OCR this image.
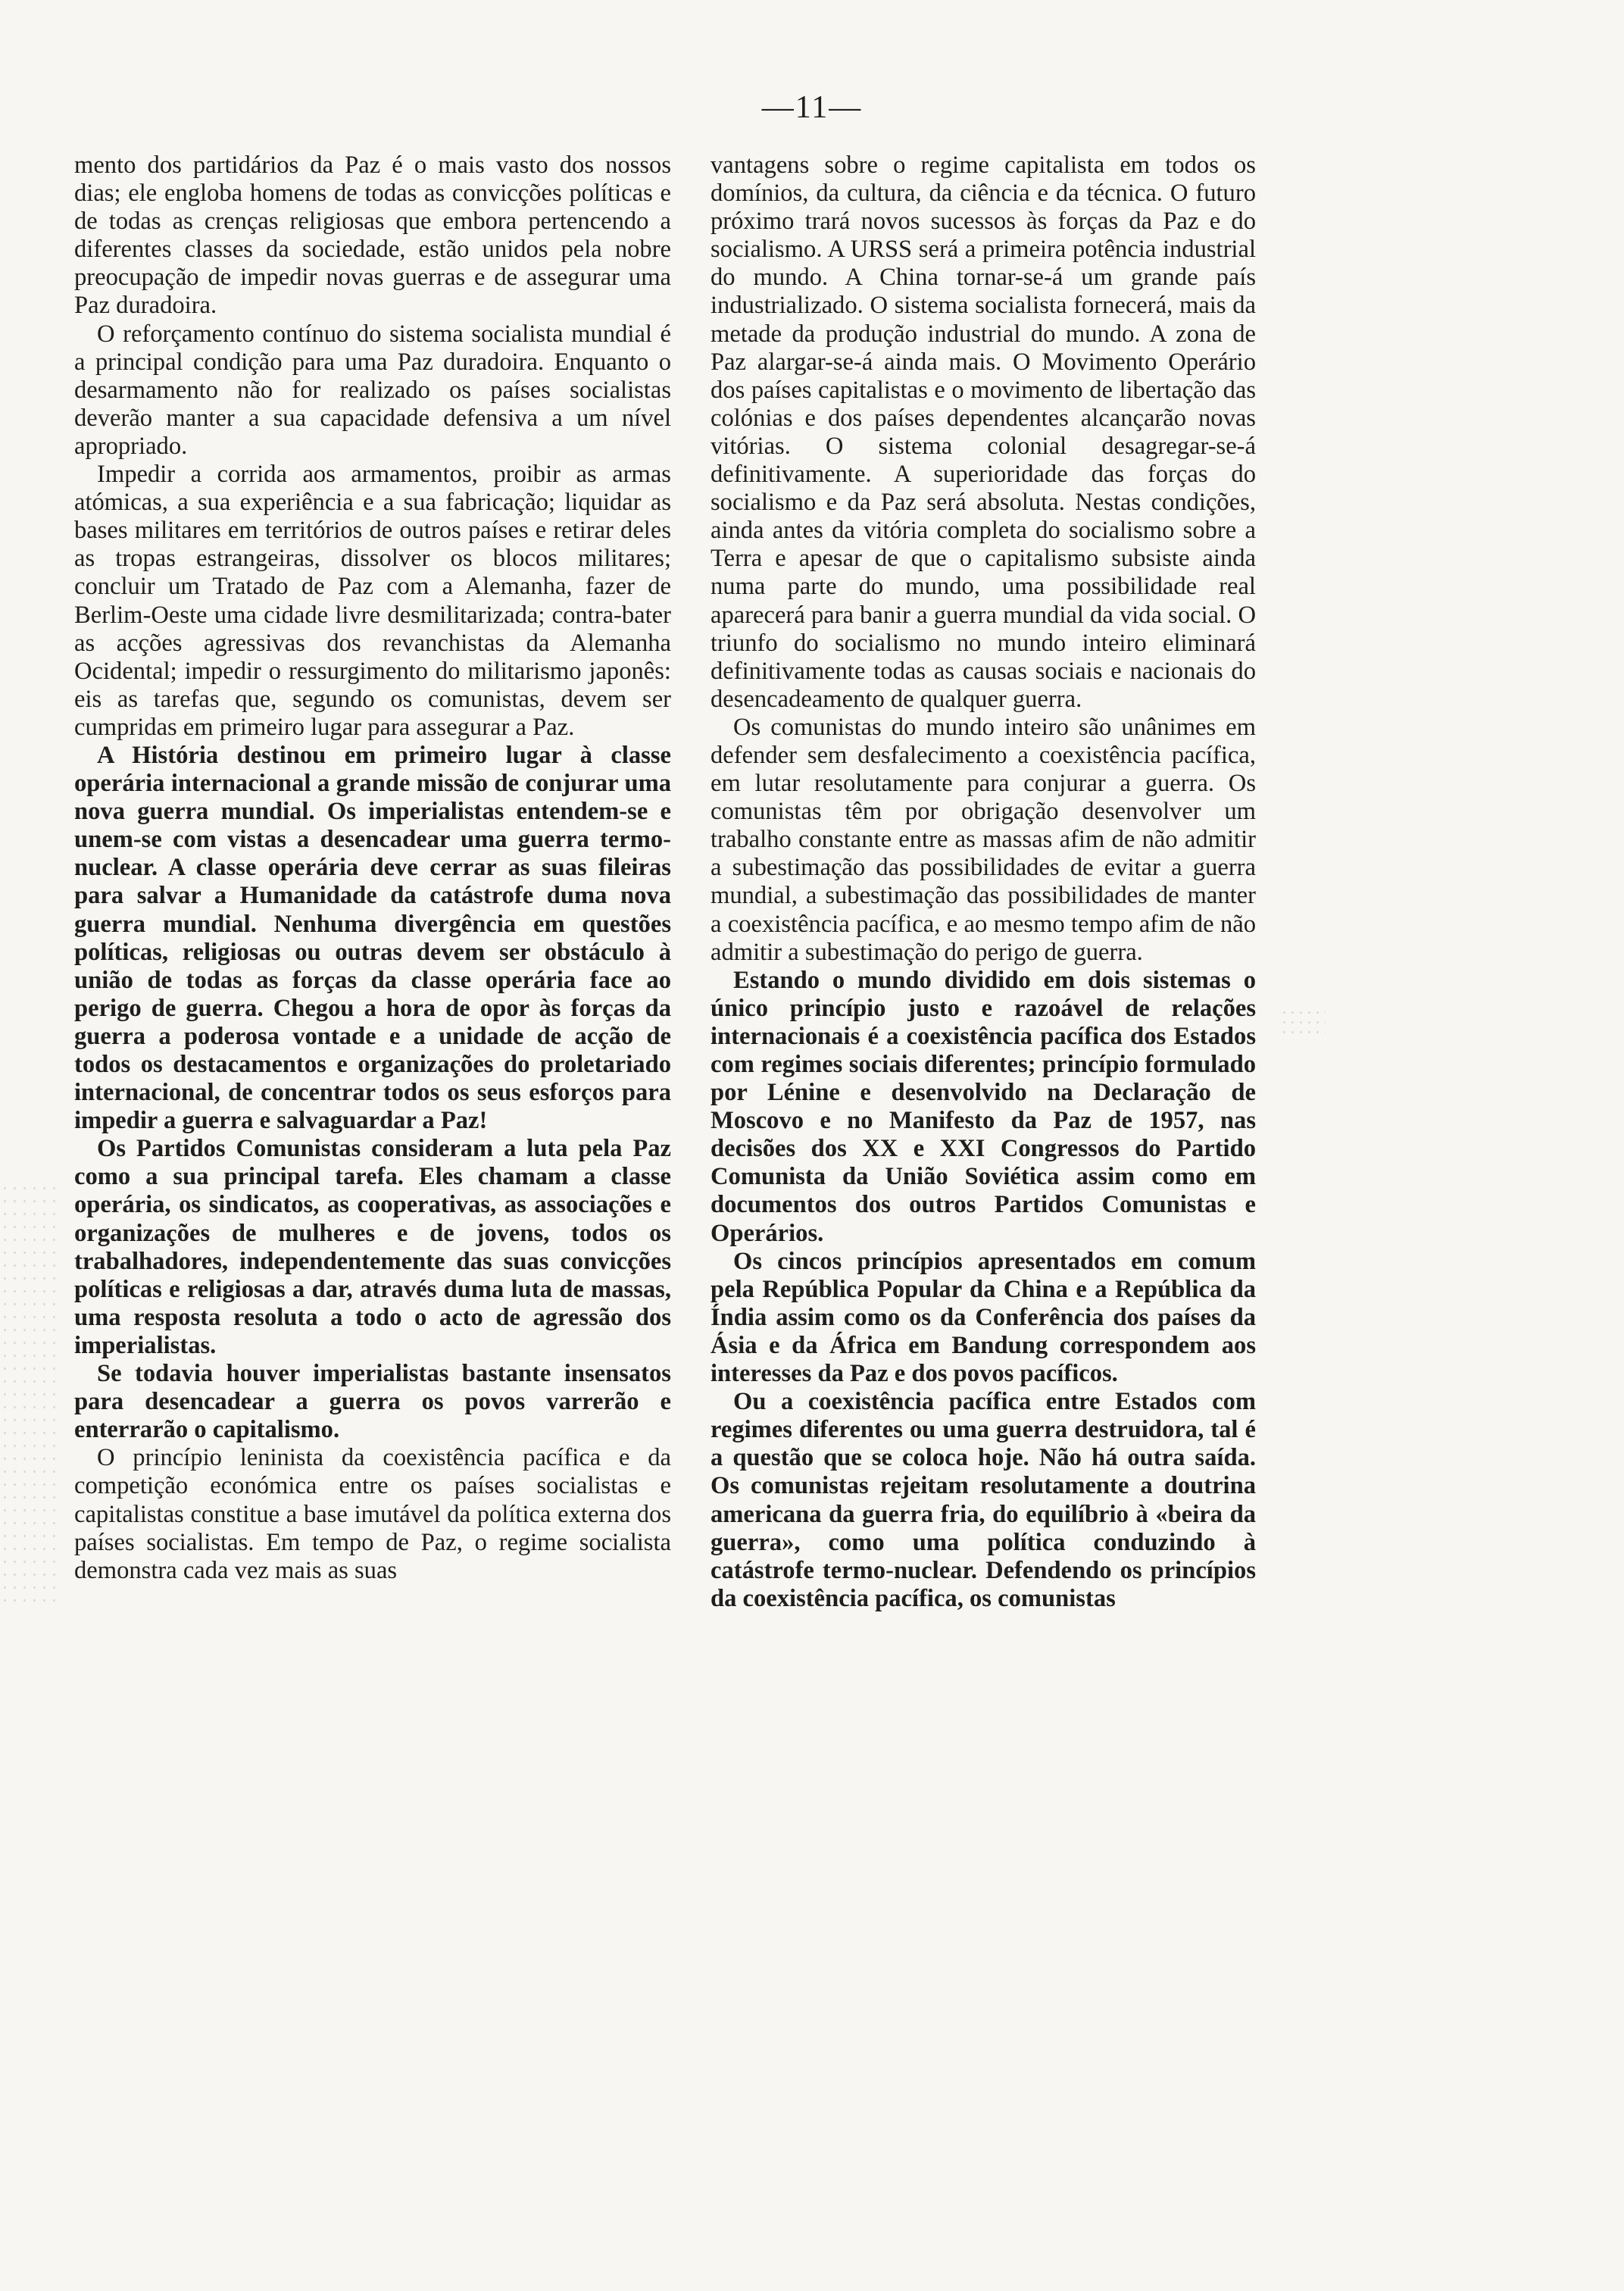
—11—

mento dos partidários da Paz é o mais vasto dos nossos dias; ele engloba homens de todas as convicções políticas e de todas as crenças religiosas que embora pertencendo a diferentes classes da sociedade, estão unidos pela nobre preocupação de impedir novas guerras e de assegurar uma Paz duradoira.

O reforçamento contínuo do sistema socialista mundial é a principal condição para uma Paz duradoira. Enquanto o desarmamento não for realizado os países socialistas deverão manter a sua capacidade defensiva a um nível apropriado.

Impedir a corrida aos armamentos, proibir as armas atómicas, a sua experiência e a sua fabricação; liquidar as bases militares em territórios de outros países e retirar deles as tropas estrangeiras, dissolver os blocos militares; concluir um Tratado de Paz com a Alemanha, fazer de Berlim-Oeste uma cidade livre desmilitarizada; contra-bater as acções agressivas dos revanchistas da Alemanha Ocidental; impedir o ressurgimento do militarismo japonês: eis as tarefas que, segundo os comunistas, devem ser cumpridas em primeiro lugar para assegurar a Paz.

A História destinou em primeiro lugar à classe operária internacional a grande missão de conjurar uma nova guerra mundial. Os imperialistas entendem-se e unem-se com vistas a desencadear uma guerra termo-nuclear. A classe operária deve cerrar as suas fileiras para salvar a Humanidade da catástrofe duma nova guerra mundial. Nenhuma divergência em questões políticas, religiosas ou outras devem ser obstáculo à união de todas as forças da classe operária face ao perigo de guerra. Chegou a hora de opor às forças da guerra a poderosa vontade e a unidade de acção de todos os destacamentos e organizações do proletariado internacional, de concentrar todos os seus esforços para impedir a guerra e salvaguardar a Paz!

Os Partidos Comunistas consideram a luta pela Paz como a sua principal tarefa. Eles chamam a classe operária, os sindicatos, as cooperativas, as associações e organizações de mulheres e de jovens, todos os trabalhadores, independentemente das suas convicções políticas e religiosas a dar, através duma luta de massas, uma resposta resoluta a todo o acto de agressão dos imperialistas.

Se todavia houver imperialistas bastante insensatos para desencadear a guerra os povos varrerão e enterrarão o capitalismo.

O princípio leninista da coexistência pacífica e da competição económica entre os países socialistas e capitalistas constitue a base imutável da política externa dos países socialistas. Em tempo de Paz, o regime socialista demonstra cada vez mais as suas

vantagens sobre o regime capitalista em todos os domínios, da cultura, da ciência e da técnica. O futuro próximo trará novos sucessos às forças da Paz e do socialismo. A URSS será a primeira potência industrial do mundo. A China tornar-se-á um grande país industrializado. O sistema socialista fornecerá, mais da metade da produção industrial do mundo. A zona de Paz alargar-se-á ainda mais. O Movimento Operário dos países capitalistas e o movimento de libertação das colónias e dos países dependentes alcançarão novas vitórias. O sistema colonial desagregar-se-á definitivamente. A superioridade das forças do socialismo e da Paz será absoluta. Nestas condições, ainda antes da vitória completa do socialismo sobre a Terra e apesar de que o capitalismo subsiste ainda numa parte do mundo, uma possibilidade real aparecerá para banir a guerra mundial da vida social. O triunfo do socialismo no mundo inteiro eliminará definitivamente todas as causas sociais e nacionais do desencadeamento de qualquer guerra.

Os comunistas do mundo inteiro são unânimes em defender sem desfalecimento a coexistência pacífica, em lutar resolutamente para conjurar a guerra. Os comunistas têm por obrigação desenvolver um trabalho constante entre as massas afim de não admitir a subestimação das possibilidades de evitar a guerra mundial, a subestimação das possibilidades de manter a coexistência pacífica, e ao mesmo tempo afim de não admitir a subestimação do perigo de guerra.

Estando o mundo dividido em dois sistemas o único princípio justo e razoável de relações internacionais é a coexistência pacífica dos Estados com regimes sociais diferentes; princípio formulado por Lénine e desenvolvido na Declaração de Moscovo e no Manifesto da Paz de 1957, nas decisões dos XX e XXI Congressos do Partido Comunista da União Soviética assim como em documentos dos outros Partidos Comunistas e Operários.

Os cincos princípios apresentados em comum pela República Popular da China e a República da Índia assim como os da Conferência dos países da Ásia e da África em Bandung correspondem aos interesses da Paz e dos povos pacíficos.

Ou a coexistência pacífica entre Estados com regimes diferentes ou uma guerra destruidora, tal é a questão que se coloca hoje. Não há outra saída. Os comunistas rejeitam resolutamente a doutrina americana da guerra fria, do equilíbrio à «beira da guerra», como uma política conduzindo à catástrofe termo-nuclear. Defendendo os princípios da coexistência pacífica, os comunistas
